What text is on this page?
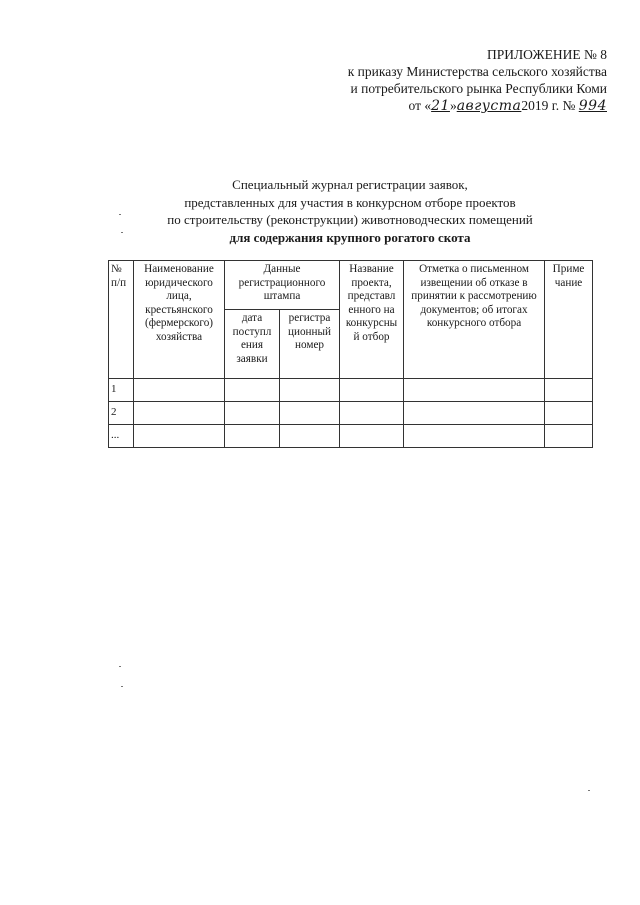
ПРИЛОЖЕНИЕ № 8
к приказу Министерства сельского хозяйства
и потребительского рынка Республики Коми
от «21»августа2019 г. № 994
Специальный журнал регистрации заявок,
представленных для участия в конкурсном отборе проектов
по строительству (реконструкции) животноводческих помещений
для содержания крупного рогатого скота
№ п/п	Наименование юридического лица, крестьянского (фермерского) хозяйства	Данные регистрационного штампа		Название проекта, представл енного на конкурсны й отбор	Отметка о письменном извещении об отказе в принятии к рассмотрению документов; об итогах конкурсного отбора	Приме чание
		дата поступл ения заявки	регистра ционный номер			
1						
2						
...						
